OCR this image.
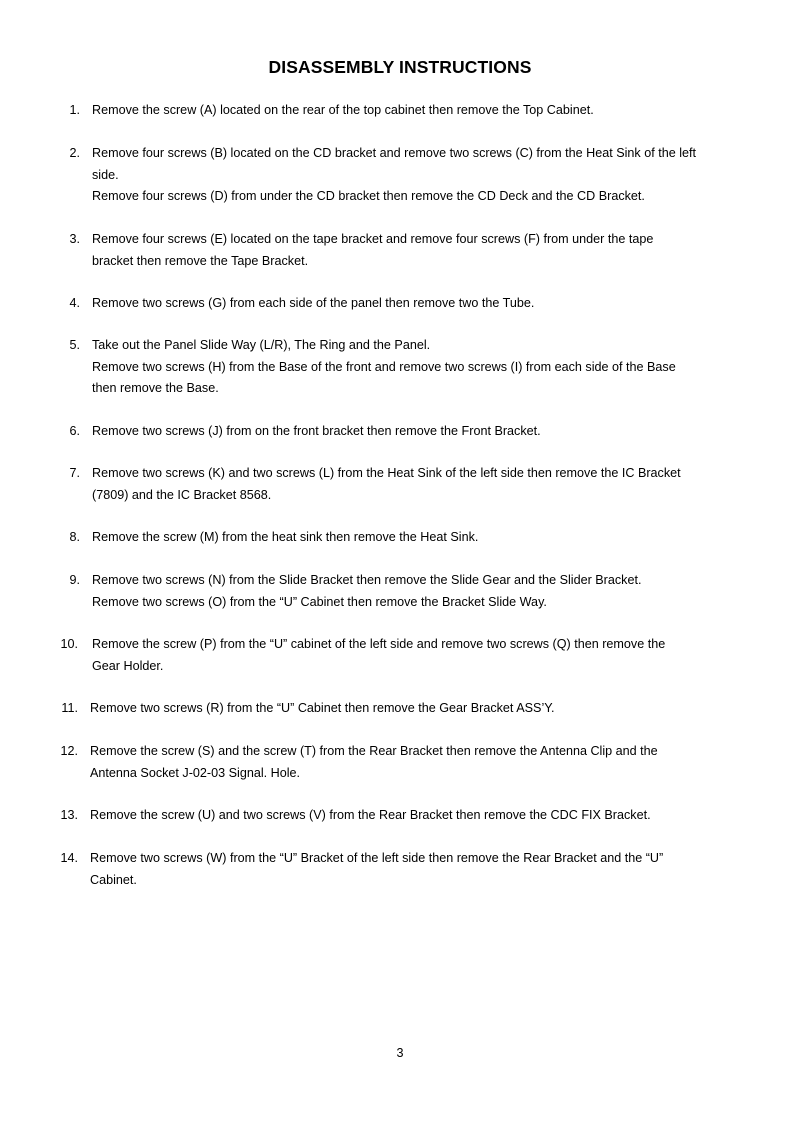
DISASSEMBLY INSTRUCTIONS
1. Remove the screw (A) located on the rear of the top cabinet then remove the Top Cabinet.
2. Remove four screws (B) located on the CD bracket and remove two screws (C) from the Heat Sink of the left
side.
Remove four screws (D) from under the CD bracket then remove the CD Deck and the CD Bracket.
3. Remove four screws (E) located on the tape bracket and remove four screws (F) from under the tape
bracket then remove the Tape Bracket.
4. Remove two screws (G) from each side of the panel then remove two the Tube.
5. Take out the Panel Slide Way (L/R), The Ring and the Panel.
Remove two screws (H) from the Base of the front and remove two screws (I) from each side of the Base
then remove the Base.
6. Remove two screws (J) from on the front bracket then remove the Front Bracket.
7. Remove two screws (K) and two screws (L) from the Heat Sink of the left side then remove the IC Bracket
(7809) and the IC Bracket 8568.
8. Remove the screw (M) from the heat sink then remove the Heat Sink.
9. Remove two screws (N) from the Slide Bracket then remove the Slide Gear and the Slider Bracket.
Remove two screws (O) from the “U” Cabinet then remove the Bracket Slide Way.
10. Remove the screw (P) from the “U” cabinet of the left side and remove two screws (Q) then remove the
Gear Holder.
11. Remove two screws (R) from the “U” Cabinet then remove the Gear Bracket ASS’Y.
12. Remove the screw (S) and the screw (T) from the Rear Bracket then remove the Antenna Clip and the
Antenna Socket J-02-03 Signal. Hole.
13. Remove the screw (U) and two screws (V) from the Rear Bracket then remove the CDC FIX Bracket.
14. Remove two screws (W) from the “U” Bracket of the left side then remove the Rear Bracket and the “U”
Cabinet.
3
